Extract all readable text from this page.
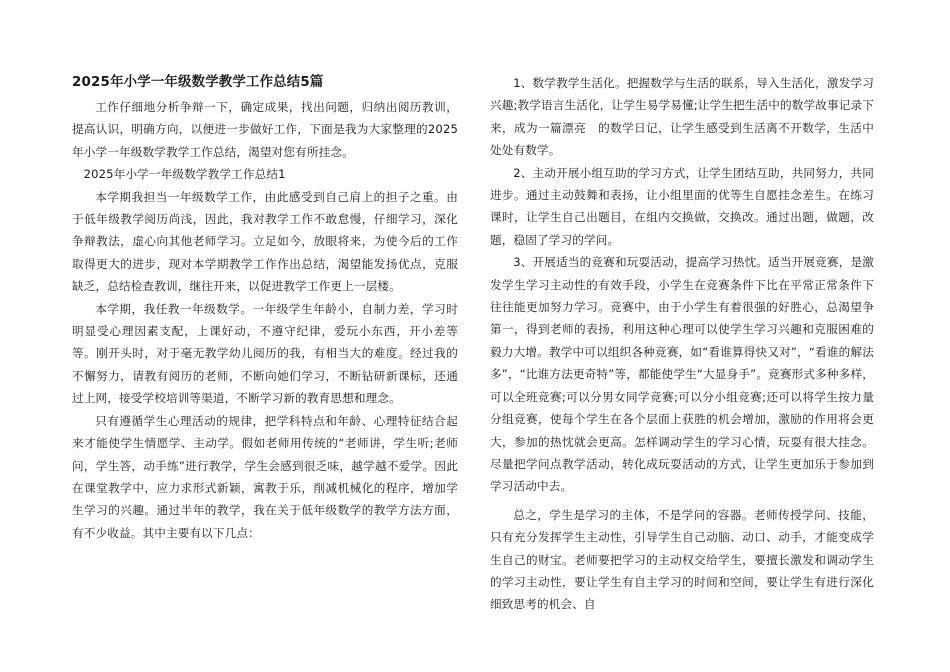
2025年小学一年级数学教学工作总结5篇

工作仔细地分析争辩一下，确定成果，找出问题，归纳出阅历教训，提高认识，明确方向，以便进一步做好工作，下面是我为大家整理的2025年小学一年级数学教学工作总结，渴望对您有所挂念。

2025年小学一年级数学教学工作总结1

本学期我担当一年级数学工作，由此感受到自己肩上的担子之重。由于低年级教学阅历尚浅，因此，我对教学工作不敢怠慢，仔细学习，深化争辩教法，虚心向其他老师学习。立足如今，放眼将来，为使今后的工作取得更大的进步，现对本学期教学工作作出总结，渴望能发扬优点，克服缺乏，总结检查教训，继往开来，以促进教学工作更上一层楼。

本学期，我任教一年级数学。一年级学生年龄小，自制力差，学习时明显受心理因素支配，上课好动，不遵守纪律，爱玩小东西，开小差等等。刚开头时，对于毫无教学幼儿阅历的我，有相当大的难度。经过我的不懈努力，请教有阅历的老师，不断向她们学习，不断钻研新课标，还通过上网，接受学校培训等渠道，不断学习新的教育思想和理念。

只有遵循学生心理活动的规律，把学科特点和年龄、心理特征结合起来才能使学生情愿学、主动学。假如老师用传统的“老师讲，学生听;老师问，学生答，动手练”进行教学，学生会感到很乏味，越学越不爱学。因此在课堂教学中，应力求形式新颖，寓教于乐，削减机械化的程序，增加学生学习的兴趣。通过半年的教学，我在关于低年级数学的教学方法方面，有不少收益。其中主要有以下几点：

1、数学教学生活化。把握数学与生活的联系，导入生活化，激发学习兴趣;教学语言生活化，让学生易学易懂;让学生把生活中的数学故事记录下来，成为一篇漂亮　的数学日记，让学生感受到生活离不开数学，生活中处处有数学。

2、主动开展小组互助的学习方式，让学生团结互助，共同努力，共同进步。通过主动鼓舞和表扬，让小组里面的优等生自愿挂念差生。在练习课时，让学生自己出题目，在组内交换做，交换改。通过出题，做题，改题，稳固了学习的学问。

3、开展适当的竞赛和玩耍活动，提高学习热忱。适当开展竞赛，是激发学生学习主动性的有效手段，小学生在竞赛条件下比在平常正常条件下往往能更加努力学习。竞赛中，由于小学生有着很强的好胜心，总渴望争第一，得到老师的表扬，利用这种心理可以使学生学习兴趣和克服困难的毅力大增。教学中可以组织各种竞赛，如“看谁算得快又对”，“看谁的解法多”，“比谁方法更奇特”等，都能使学生“大显身手”。竞赛形式多种多样，可以全班竞赛;可以分男女同学竞赛;可以分小组竞赛;还可以将学生按力量分组竞赛，使每个学生在各个层面上获胜的机会增加，激励的作用将会更大，参加的热忱就会更高。怎样调动学生的学习心情，玩耍有很大挂念。尽量把学问点教学活动，转化成玩耍活动的方式，让学生更加乐于参加到学习活动中去。

总之，学生是学习的主体，不是学问的容器。老师传授学问、技能，只有充分发挥学生主动性，引导学生自己动脑、动口、动手，才能变成学生自己的财宝。老师要把学习的主动权交给学生，要擅长激发和调动学生的学习主动性，要让学生有自主学习的时间和空间，要让学生有进行深化细致思考的机会、自
